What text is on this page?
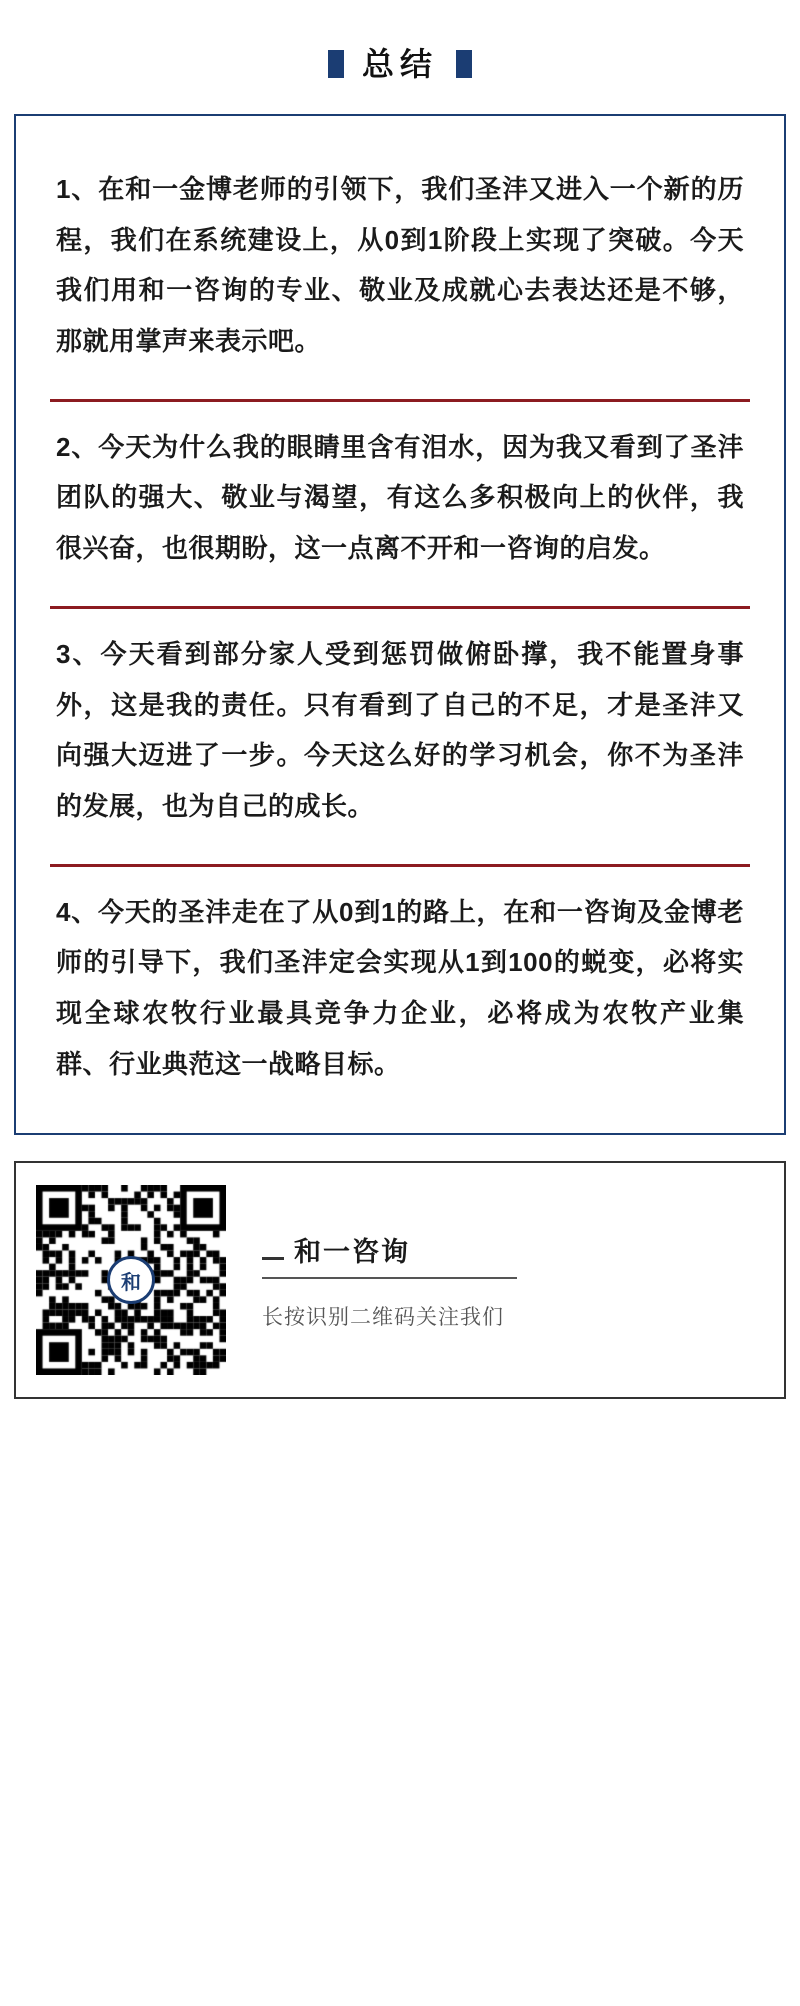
总结
1、在和一金博老师的引领下，我们圣沣又进入一个新的历程，我们在系统建设上，从0到1阶段上实现了突破。今天我们用和一咨询的专业、敬业及成就心去表达还是不够，那就用掌声来表示吧。
2、今天为什么我的眼睛里含有泪水，因为我又看到了圣沣团队的强大、敬业与渴望，有这么多积极向上的伙伴，我很兴奋，也很期盼，这一点离不开和一咨询的启发。
3、今天看到部分家人受到惩罚做俯卧撑，我不能置身事外，这是我的责任。只有看到了自己的不足，才是圣沣又向强大迈进了一步。今天这么好的学习机会，你不为圣沣的发展，也为自己的成长。
4、今天的圣沣走在了从0到1的路上，在和一咨询及金博老师的引导下，我们圣沣定会实现从1到100的蜕变，必将实现全球农牧行业最具竞争力企业，必将成为农牧产业集群、行业典范这一战略目标。
和
和一咨询
长按识别二维码关注我们
